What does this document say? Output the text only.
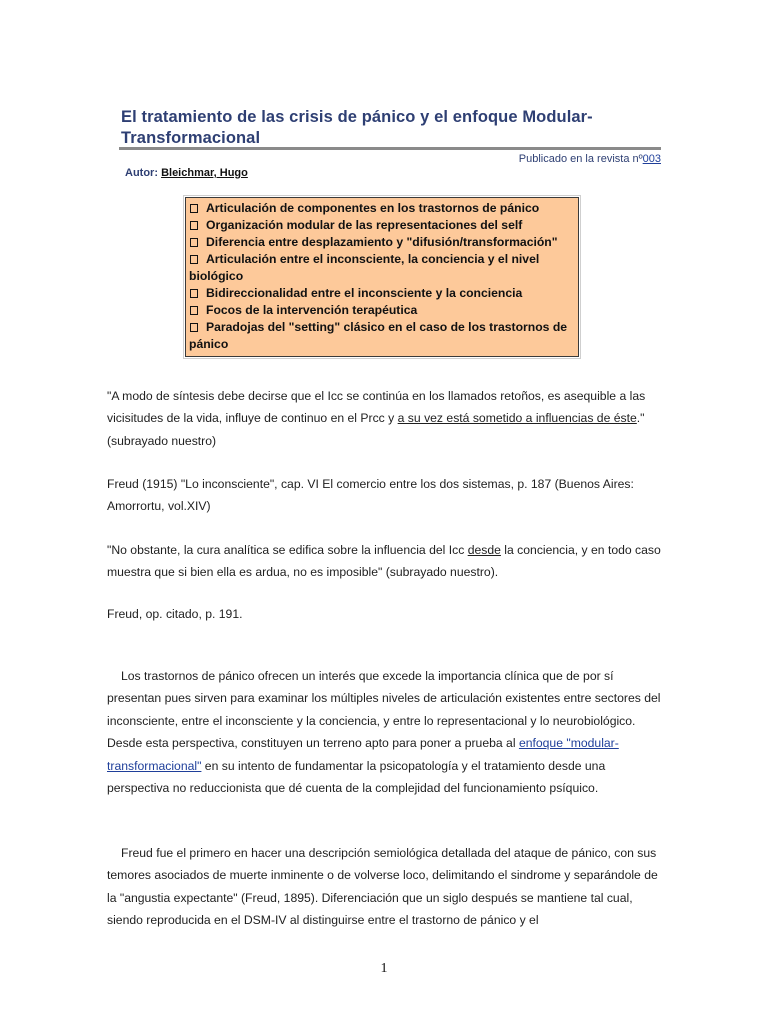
El tratamiento de las crisis de pánico y el enfoque Modular-Transformacional
Publicado en la revista nº003
Autor: Bleichmar, Hugo
Articulación de componentes en los trastornos de pánico
Organización modular de las representaciones del self
Diferencia entre desplazamiento y "difusión/transformación"
Articulación entre el inconsciente, la conciencia y el nivel biológico
Bidireccionalidad entre el inconsciente y la conciencia
Focos de la intervención terapéutica
Paradojas del "setting" clásico en el caso de los trastornos de pánico
"A modo de síntesis debe decirse que el Icc se continúa en los llamados retoños, es asequible a las vicisitudes de la vida, influye de continuo en el Prcc y a su vez está sometido a influencias de éste." (subrayado nuestro)
Freud (1915) "Lo inconsciente", cap. VI El comercio entre los dos sistemas, p. 187 (Buenos Aires: Amorrortu, vol.XIV)
"No obstante, la cura analítica se edifica sobre la influencia del Icc desde la conciencia, y en todo caso muestra que si bien ella es ardua, no es imposible" (subrayado nuestro).
Freud, op. citado, p. 191.
Los trastornos de pánico ofrecen un interés que excede la importancia clínica que de por sí presentan pues sirven para examinar los múltiples niveles de articulación existentes entre sectores del inconsciente, entre el inconsciente y la conciencia, y entre lo representacional y lo neurobiológico. Desde esta perspectiva, constituyen un terreno apto para poner a prueba al enfoque "modular-transformacional" en su intento de fundamentar la psicopatología y el tratamiento desde una perspectiva no reduccionista que dé cuenta de la complejidad del funcionamiento psíquico.
Freud fue el primero en hacer una descripción semiológica detallada del ataque de pánico, con sus temores asociados de muerte inminente o de volverse loco, delimitando el sindrome y separándole de la "angustia expectante" (Freud, 1895). Diferenciación que un siglo después se mantiene tal cual, siendo reproducida en el DSM-IV al distinguirse entre el trastorno de pánico y el
1
